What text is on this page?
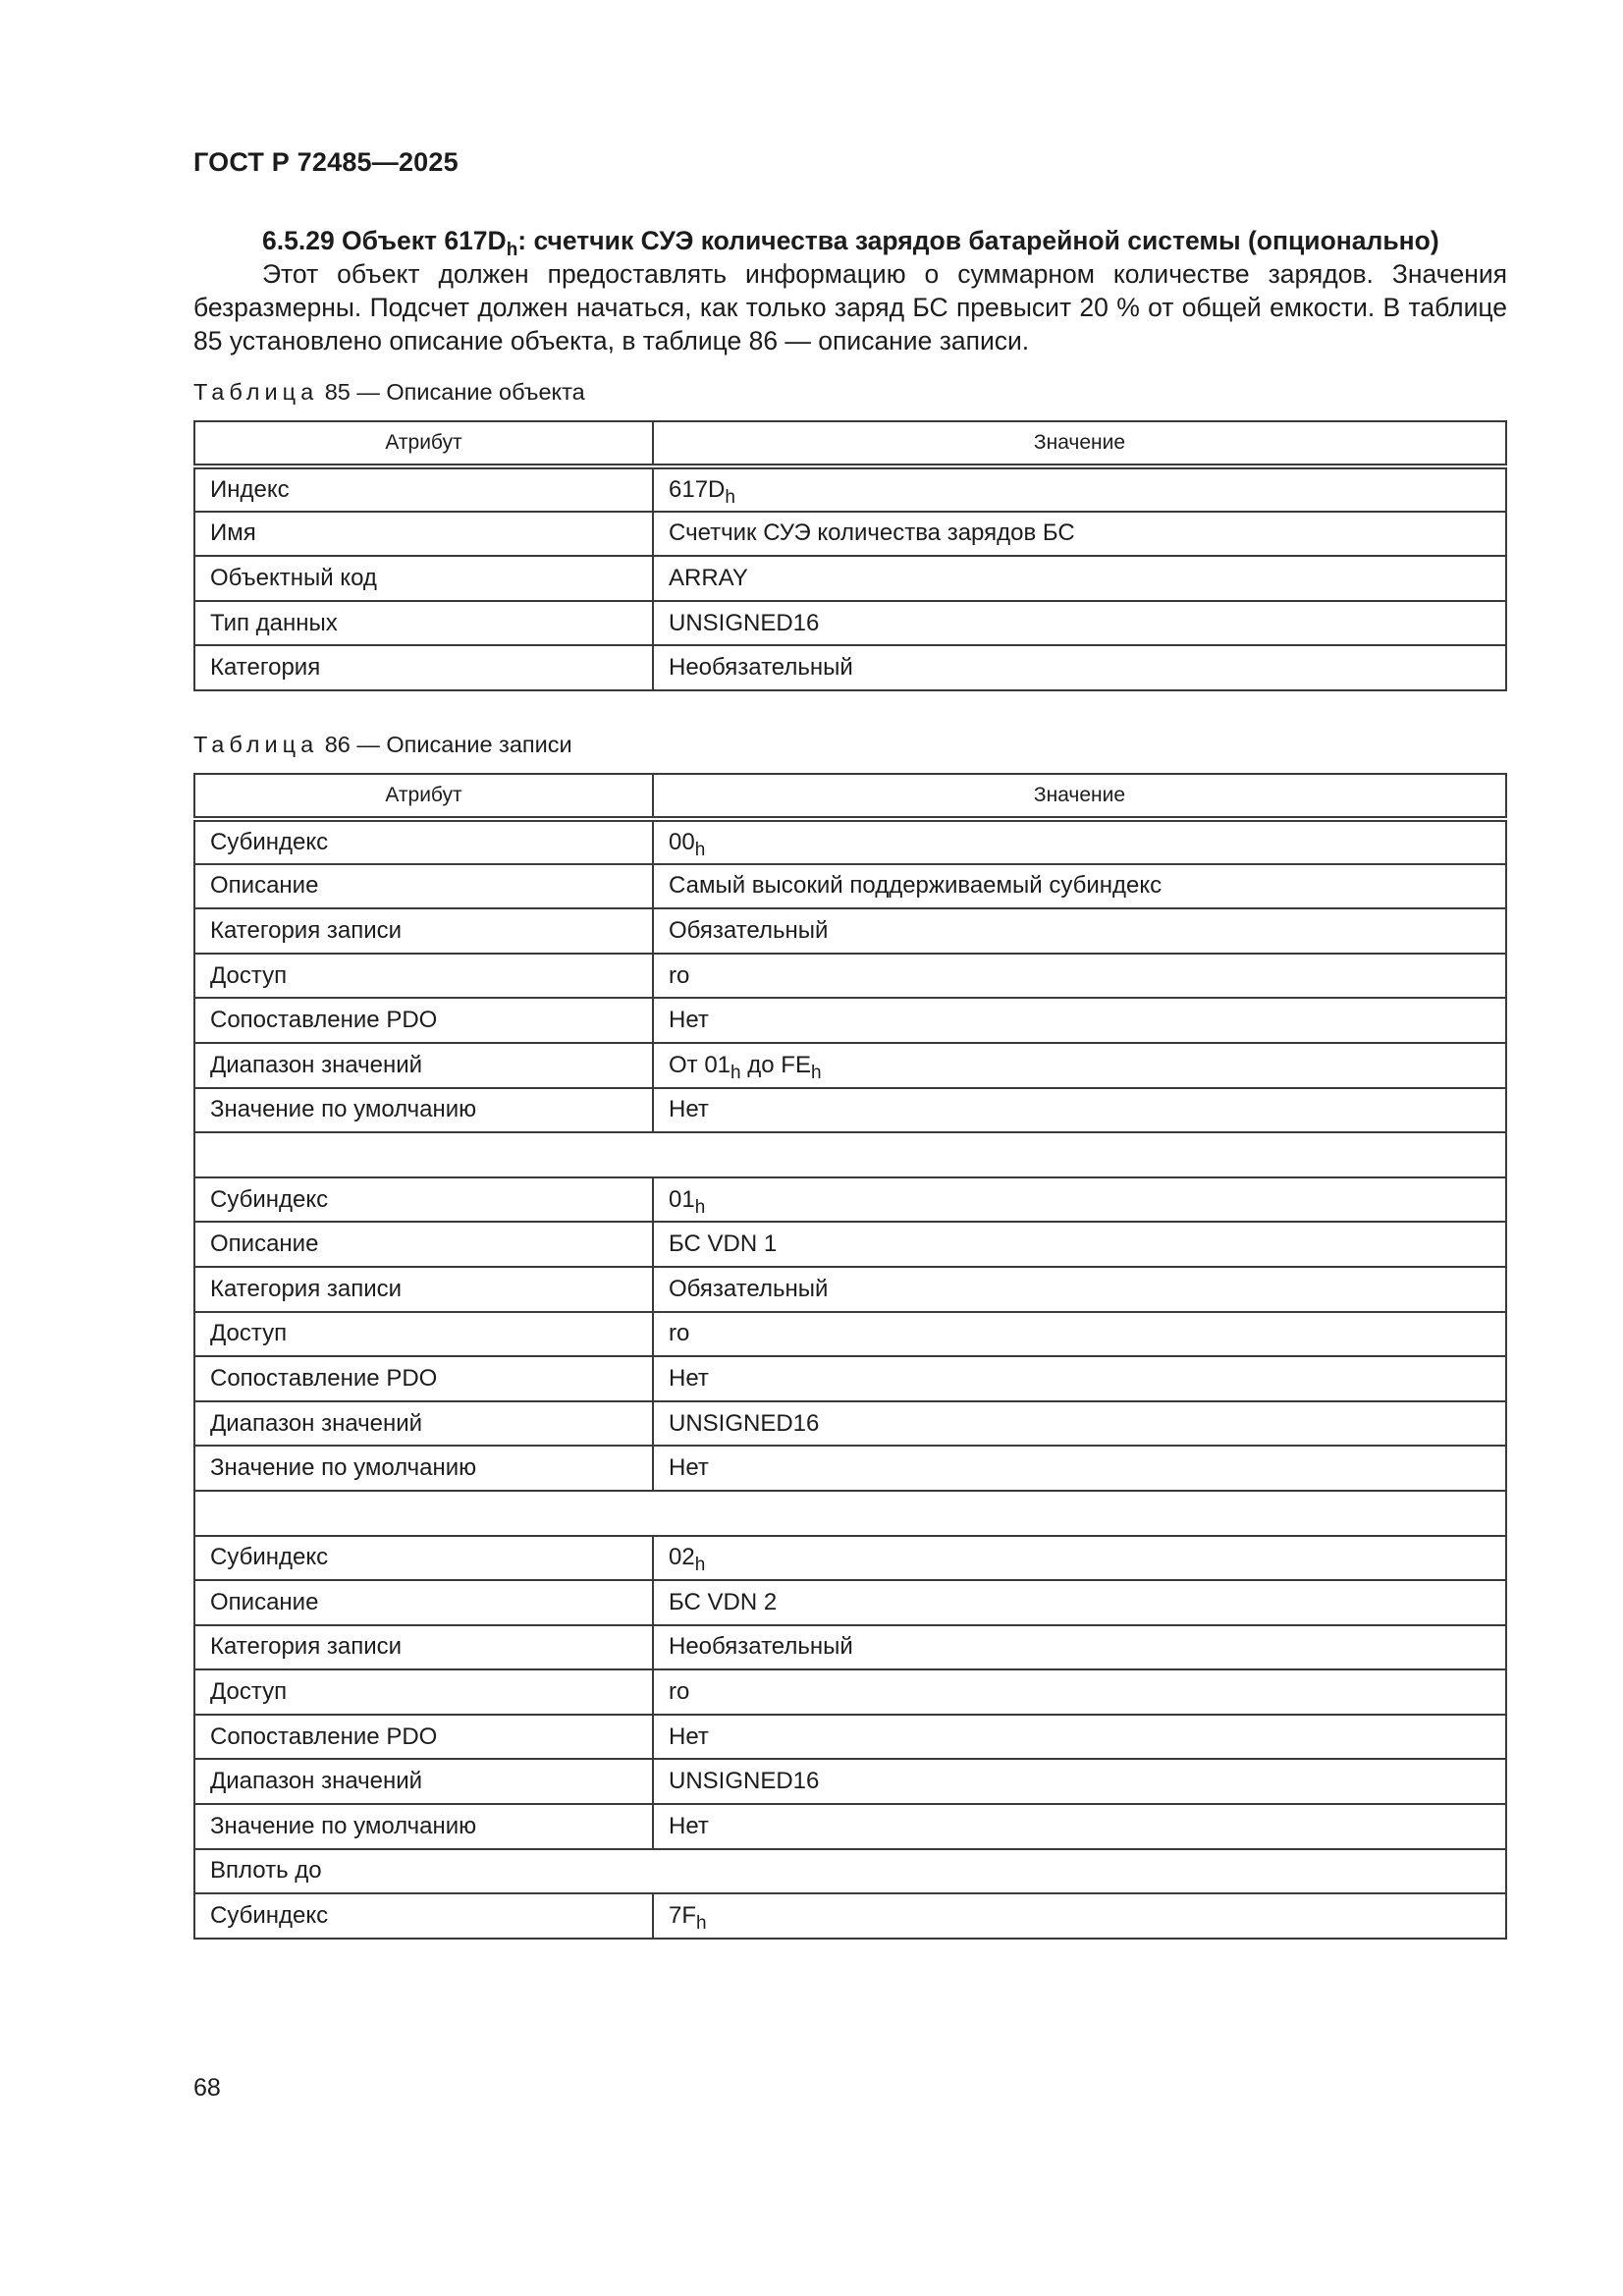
ГОСТ Р 72485—2025
6.5.29 Объект $617D_h$: счетчик СУЭ количества зарядов батарейной системы (опционально)

Этот объект должен предоставлять информацию о суммарном количестве зарядов. Значения безразмерны. Подсчет должен начаться, как только заряд БС превысит 20 % от общей емкости. В таблице 85 установлено описание объекта, в таблице 86 — описание записи.

Таблица 85 — Описание объекта
Атрибут	Значение
Индекс	$617D_h$
Имя	Счетчик СУЭ количества зарядов БС
Объектный код	ARRAY
Тип данных	UNSIGNED16
Категория	Необязательный
Таблица 86 — Описание записи
Атрибут	Значение
Субиндекс	$00_h$
Описание	Самый высокий поддерживаемый субиндекс
Категория записи	Обязательный
Доступ	ro
Сопоставление PDO	Нет
Диапазон значений	От $01_h$ до $FE_h$
Значение по умолчанию	Нет

Субиндекс	$01_h$
Описание	БС VDN 1
Категория записи	Обязательный
Доступ	ro
Сопоставление PDO	Нет
Диапазон значений	UNSIGNED16
Значение по умолчанию	Нет

Субиндекс	$02_h$
Описание	БС VDN 2
Категория записи	Необязательный
Доступ	ro
Сопоставление PDO	Нет
Диапазон значений	UNSIGNED16
Значение по умолчанию	Нет
Вплоть до	
Субиндекс	$7F_h$
68
